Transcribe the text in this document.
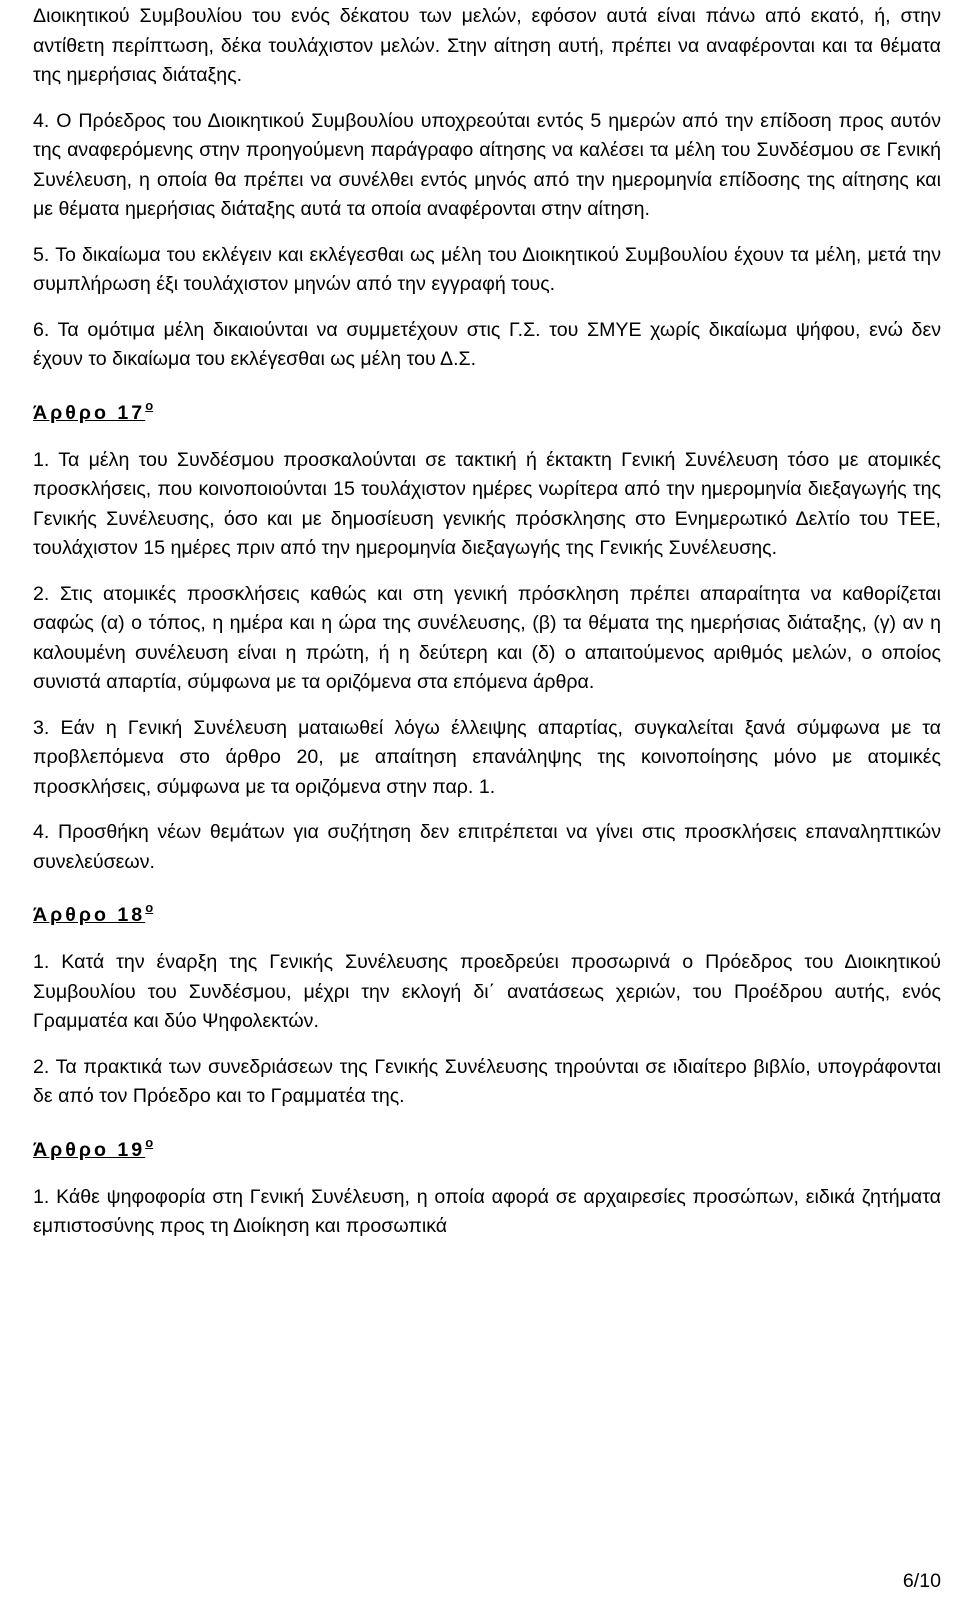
Διοικητικού Συμβουλίου του ενός δέκατου των μελών, εφόσον αυτά είναι πάνω από εκατό, ή, στην αντίθετη περίπτωση, δέκα τουλάχιστον μελών. Στην αίτηση αυτή, πρέπει να αναφέρονται και τα θέματα της ημερήσιας διάταξης.

4. Ο Πρόεδρος του Διοικητικού Συμβουλίου υποχρεούται εντός 5 ημερών από την επίδοση προς αυτόν της αναφερόμενης στην προηγούμενη παράγραφο αίτησης να καλέσει τα μέλη του Συνδέσμου σε Γενική Συνέλευση, η οποία θα πρέπει να συνέλθει εντός μηνός από την ημερομηνία επίδοσης της αίτησης και με θέματα ημερήσιας διάταξης αυτά τα οποία αναφέρονται στην αίτηση.

5. Το δικαίωμα του εκλέγειν και εκλέγεσθαι ως μέλη του Διοικητικού Συμβουλίου έχουν τα μέλη, μετά την συμπλήρωση έξι τουλάχιστον μηνών από την εγγραφή τους.

6. Τα ομότιμα μέλη δικαιούνται να συμμετέχουν στις Γ.Σ. του ΣΜΥΕ χωρίς δικαίωμα ψήφου, ενώ δεν έχουν το δικαίωμα του εκλέγεσθαι ως μέλη του Δ.Σ.

Άρθρο $17^o$

1. Τα μέλη του Συνδέσμου προσκαλούνται σε τακτική ή έκτακτη Γενική Συνέλευση τόσο με ατομικές προσκλήσεις, που κοινοποιούνται 15 τουλάχιστον ημέρες νωρίτερα από την ημερομηνία διεξαγωγής της Γενικής Συνέλευσης, όσο και με δημοσίευση γενικής πρόσκλησης στο Ενημερωτικό Δελτίο του ΤΕΕ, τουλάχιστον 15 ημέρες πριν από την ημερομηνία διεξαγωγής της Γενικής Συνέλευσης.

2. Στις ατομικές προσκλήσεις καθώς και στη γενική πρόσκληση πρέπει απαραίτητα να καθορίζεται σαφώς (α) ο τόπος, η ημέρα και η ώρα της συνέλευσης, (β) τα θέματα της ημερήσιας διάταξης, (γ) αν η καλουμένη συνέλευση είναι η πρώτη, ή η δεύτερη και (δ) ο απαιτούμενος αριθμός μελών, ο οποίος συνιστά απαρτία, σύμφωνα με τα οριζόμενα στα επόμενα άρθρα.

3. Εάν η Γενική Συνέλευση ματαιωθεί λόγω έλλειψης απαρτίας, συγκαλείται ξανά σύμφωνα με τα προβλεπόμενα στο άρθρο 20, με απαίτηση επανάληψης της κοινοποίησης μόνο με ατομικές προσκλήσεις, σύμφωνα με τα οριζόμενα στην παρ. 1.

4. Προσθήκη νέων θεμάτων για συζήτηση δεν επιτρέπεται να γίνει στις προσκλήσεις επαναληπτικών συνελεύσεων.

Άρθρο $18^o$

1. Κατά την έναρξη της Γενικής Συνέλευσης προεδρεύει προσωρινά ο Πρόεδρος του Διοικητικού Συμβουλίου του Συνδέσμου, μέχρι την εκλογή δι΄ ανατάσεως χεριών, του Προέδρου αυτής, ενός Γραμματέα και δύο Ψηφολεκτών.

2. Τα πρακτικά των συνεδριάσεων της Γενικής Συνέλευσης τηρούνται σε ιδιαίτερο βιβλίο, υπογράφονται δε από τον Πρόεδρο και το Γραμματέα της.

Άρθρο $19^o$

1. Κάθε ψηφοφορία στη Γενική Συνέλευση, η οποία αφορά σε αρχαιρεσίες προσώπων, ειδικά ζητήματα εμπιστοσύνης προς τη Διοίκηση και προσωπικά

6/10
